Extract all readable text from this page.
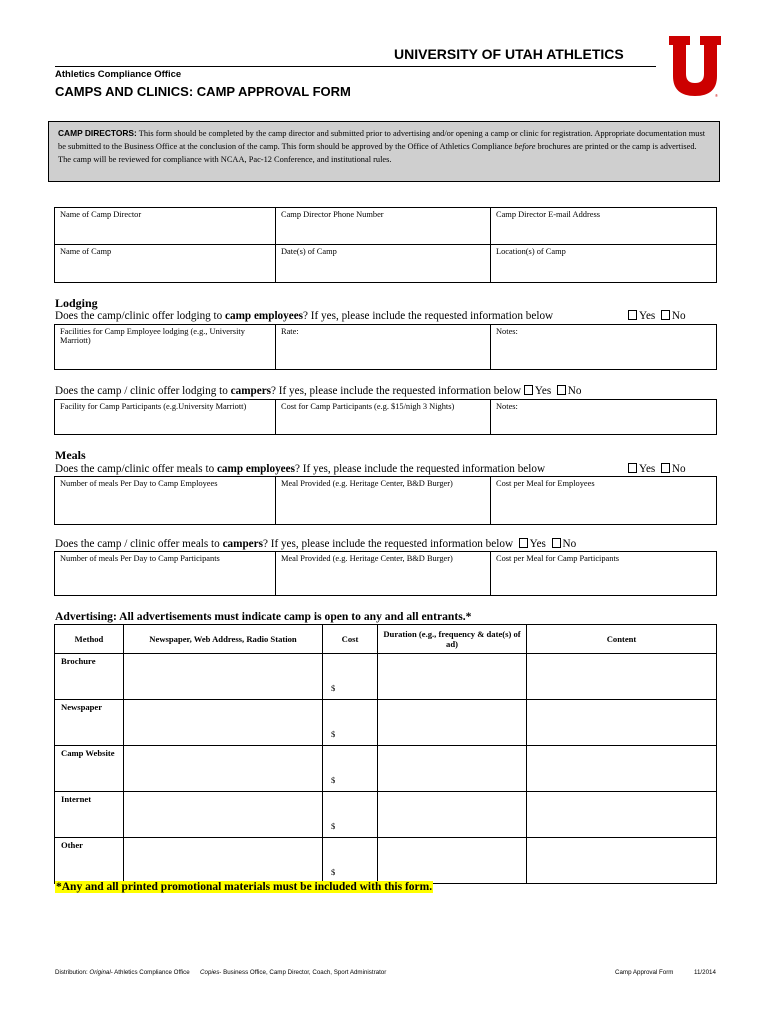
UNIVERSITY OF UTAH ATHLETICS
Athletics Compliance Office
CAMPS AND CLINICS: CAMP APPROVAL FORM	®
CAMP DIRECTORS: This form should be completed by the camp director and submitted prior to advertising and/or opening a camp or clinic for registration. Appropriate documentation must be submitted to the Business Office at the conclusion of the camp. This form should be approved by the Office of Athletics Compliance before brochures are printed or the camp is advertised. The camp will be reviewed for compliance with NCAA, Pac-12 Conference, and institutional rules.
Name of Camp Director	Camp Director Phone Number	Camp Director E-mail Address
Name of Camp	Date(s) of Camp	Location(s) of Camp
Lodging
Does the camp/clinic offer lodging to camp employees? If yes, please include the requested information below	Yes No
Facilities for Camp Employee lodging (e.g., University Marriott)	Rate:	Notes:
Does the camp / clinic offer lodging to campers? If yes, please include the requested information below Yes No
Facility for Camp Participants (e.g.University Marriott)	Cost for Camp Participants (e.g. $15/nigh 3 Nights)	Notes:
Meals
Does the camp/clinic offer meals to camp employees? If yes, please include the requested information below	Yes No
Number of meals Per Day to Camp Employees	Meal Provided (e.g. Heritage Center, B&D Burger)	Cost per Meal for Employees
Does the camp / clinic offer meals to campers? If yes, please include the requested information below Yes No
Number of meals Per Day to Camp Participants	Meal Provided (e.g. Heritage Center, B&D Burger)	Cost per Meal for Camp Participants
Advertising: All advertisements must indicate camp is open to any and all entrants.*
Method	Newspaper, Web Address, Radio Station	Cost	Duration (e.g., frequency & date(s) of ad)	Content
Brochure		$		
Newspaper		$		
Camp Website		$		
Internet		$		
Other		$		
*Any and all printed promotional materials must be included with this form.
Distribution: Original- Athletics Compliance Office Copies- Business Office, Camp Director, Coach, Sport Administrator	Camp Approval Form	11/2014
